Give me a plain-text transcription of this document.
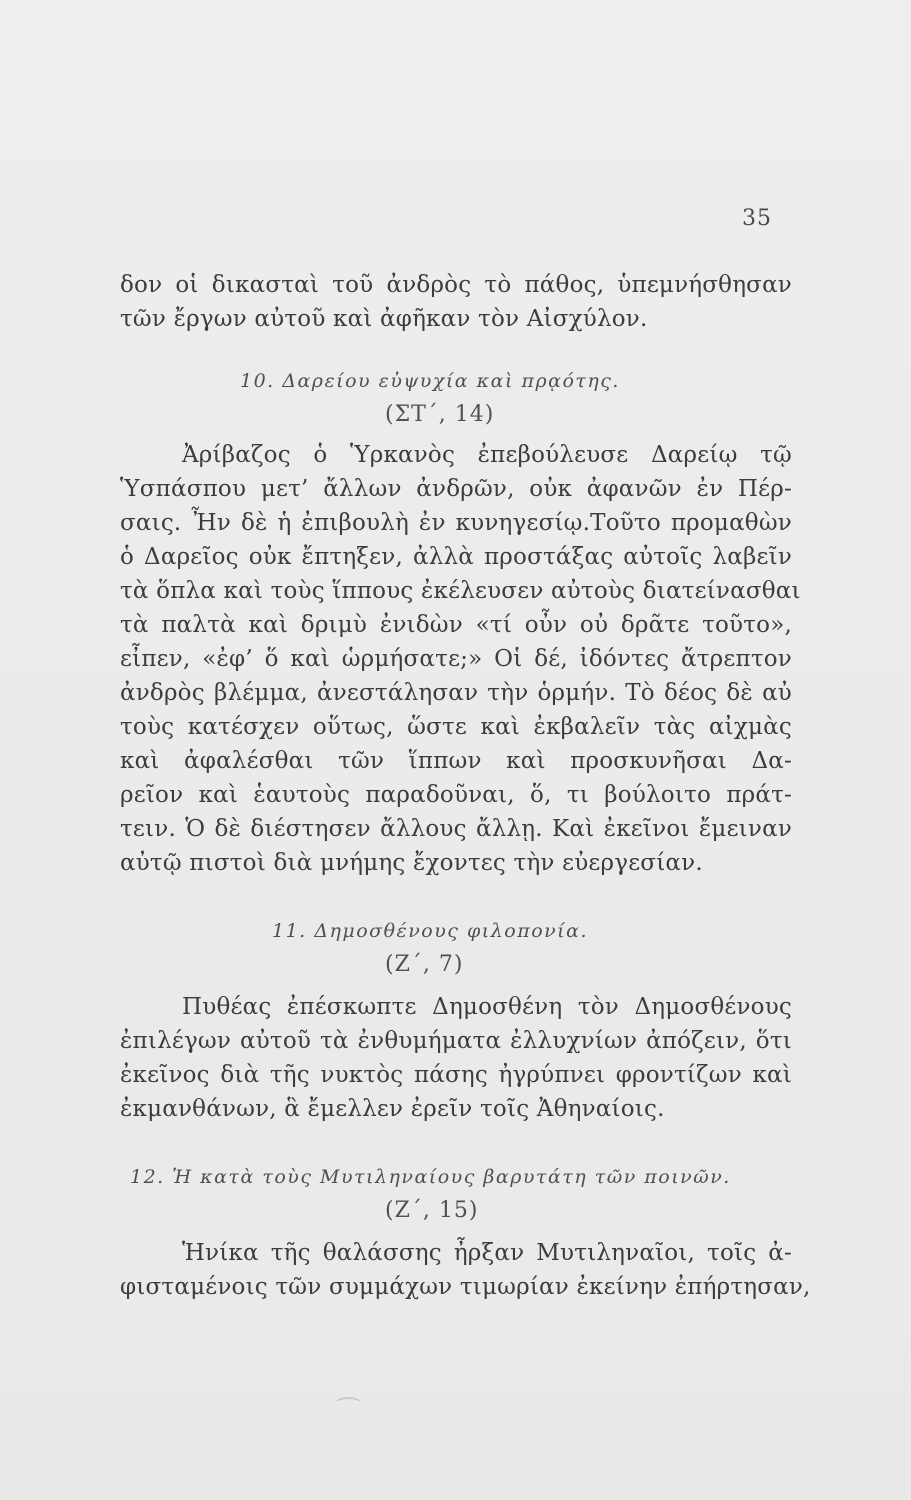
35
δον οἱ δικασταὶ τοῦ ἀνδρὸς τὸ πάθος, ὑπεμνήσθησαν
τῶν ἔργων αὐτοῦ καὶ ἀφῆκαν τὸν Αἰσχύλον.
10. Δαρείου εὐψυχία καὶ πρᾳότης.
(ΣΤ΄, 14)
Ἀρίβαζος ὁ Ὑρκανὸς ἐπεβούλευσε Δαρείῳ τῷ
Ὑσπάσπου μετ’ ἄλλων ἀνδρῶν, οὐκ ἀφανῶν ἐν Πέρ-
σαις. Ἦν δὲ ἡ ἐπιβουλὴ ἐν κυνηγεσίῳ.Τοῦτο προμαθὼν
ὁ Δαρεῖος οὐκ ἔπτηξεν, ἀλλὰ προστάξας αὐτοῖς λαβεῖν
τὰ ὅπλα καὶ τοὺς ἵππους ἐκέλευσεν αὐτοὺς διατείνασθαι
τὰ παλτὰ καὶ δριμὺ ἐνιδὼν «τί οὖν οὐ δρᾶτε τοῦτο»,
εἶπεν, «ἐφ’ ὅ καὶ ὡρμήσατε;» Οἱ δέ, ἰδόντες ἄτρεπτον
ἀνδρὸς βλέμμα, ἀνεστάλησαν τὴν ὁρμήν. Τὸ δέος δὲ αὐ
τοὺς κατέσχεν οὕτως, ὥστε καὶ ἐκβαλεῖν τὰς αἰχμὰς
καὶ ἀφαλέσθαι τῶν ἵππων καὶ προσκυνῆσαι Δα-
ρεῖον καὶ ἑαυτοὺς παραδοῦναι, ὅ, τι βούλοιτο πράτ-
τειν. Ὁ δὲ διέστησεν ἄλλους ἄλλῃ. Καὶ ἐκεῖνοι ἔμειναν
αὐτῷ πιστοὶ διὰ μνήμης ἔχοντες τὴν εὐεργεσίαν.
11. Δημοσθένους φιλοπονία.
(Ζ΄, 7)
Πυθέας ἐπέσκωπτε Δημοσθένη τὸν Δημοσθένους
ἐπιλέγων αὐτοῦ τὰ ἐνθυμήματα ἐλλυχνίων ἀπόζειν, ὅτι
ἐκεῖνος διὰ τῆς νυκτὸς πάσης ἠγρύπνει φροντίζων καὶ
ἐκμανθάνων, ἃ ἔμελλεν ἐρεῖν τοῖς Ἀθηναίοις.
12. Ἡ κατὰ τοὺς Μυτιληναίους βαρυτάτη τῶν ποινῶν.
(Ζ΄, 15)
Ἡνίκα τῆς θαλάσσης ἦρξαν Μυτιληναῖοι, τοῖς ἀ-
φισταμένοις τῶν συμμάχων τιμωρίαν ἐκείνην ἐπήρτησαν,
⁀
